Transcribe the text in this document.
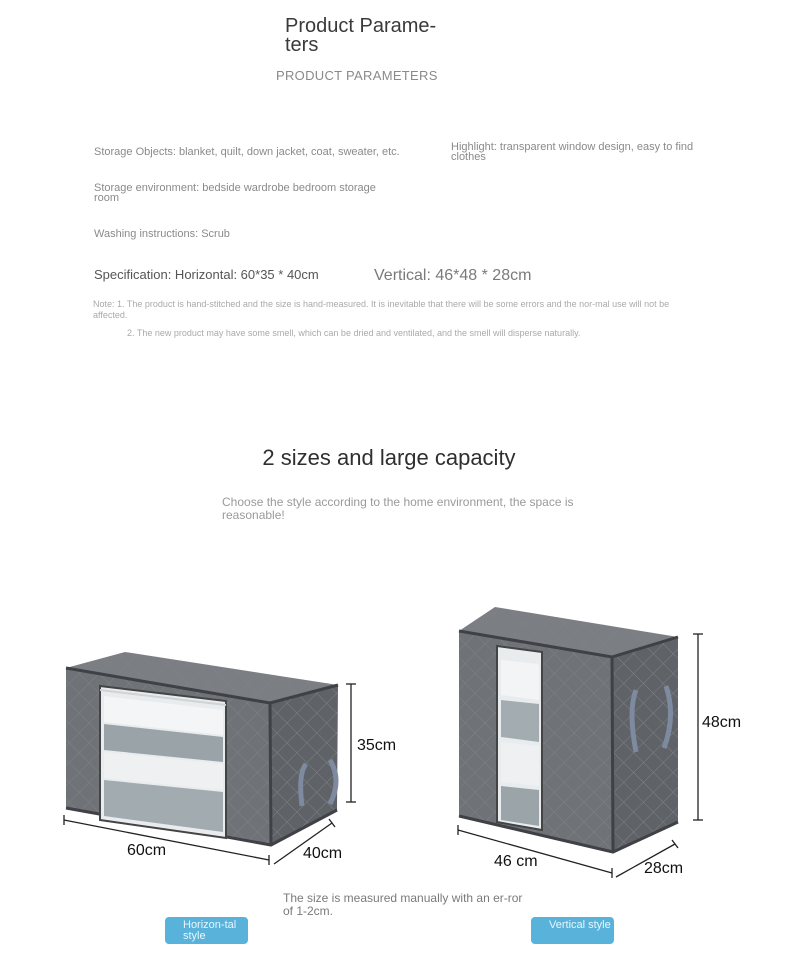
Product Parame-ters
PRODUCT PARAMETERS
Storage Objects: blanket, quilt, down jacket, coat, sweater, etc.	Highlight: transparent window design, easy to find clothes
Storage environment: bedside wardrobe bedroom storage room
Washing instructions: Scrub
Specification: Horizontal: 60*35 * 40cm	Vertical: 46*48 * 28cm
Note: 1. The product is hand-stitched and the size is hand-measured. It is inevitable that there will be some errors and the nor-mal use will not be affected.
2. The new product may have some smell, which can be dried and ventilated, and the smell will disperse naturally.
2 sizes and large capacity
Choose the style according to the home environment, the space is reasonable!
35cm
60cm	40cm
48cm
46 cm	28cm
The size is measured manually with an er-ror of 1-2cm.
Horizon-tal style
Vertical style
